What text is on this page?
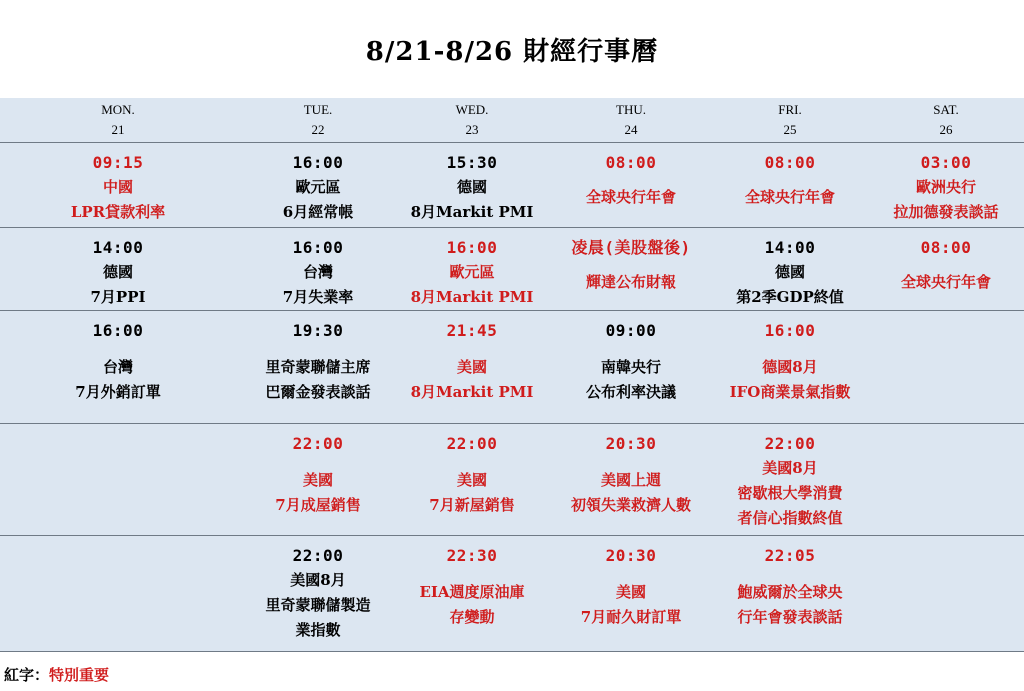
8/21-8/26 財經行事曆
MON.
21
TUE.
22
WED.
23
THU.
24
FRI.
25
SAT.
26
09:15
中國
LPR貸款利率
16:00
歐元區
6月經常帳
15:30
德國
8月Markit PMI
08:00
全球央行年會
08:00
全球央行年會
03:00
歐洲央行
拉加德發表談話
14:00
德國
7月PPI
16:00
台灣
7月失業率
16:00
歐元區
8月Markit PMI
凌晨(美股盤後)
輝達公布財報
14:00
德國
第2季GDP終值
08:00
全球央行年會
16:00
台灣
7月外銷訂單
19:30
里奇蒙聯儲主席
巴爾金發表談話
21:45
美國
8月Markit PMI
09:00
南韓央行
公布利率決議
16:00
德國8月
IFO商業景氣指數
22:00
美國
7月成屋銷售
22:00
美國
7月新屋銷售
20:30
美國上週
初領失業救濟人數
22:00
美國8月
密歇根大學消費
者信心指數終值
22:00
美國8月
里奇蒙聯儲製造
業指數
22:30
EIA週度原油庫
存變動
20:30
美國
7月耐久財訂單
22:05
鮑威爾於全球央
行年會發表談話
紅字：特別重要
